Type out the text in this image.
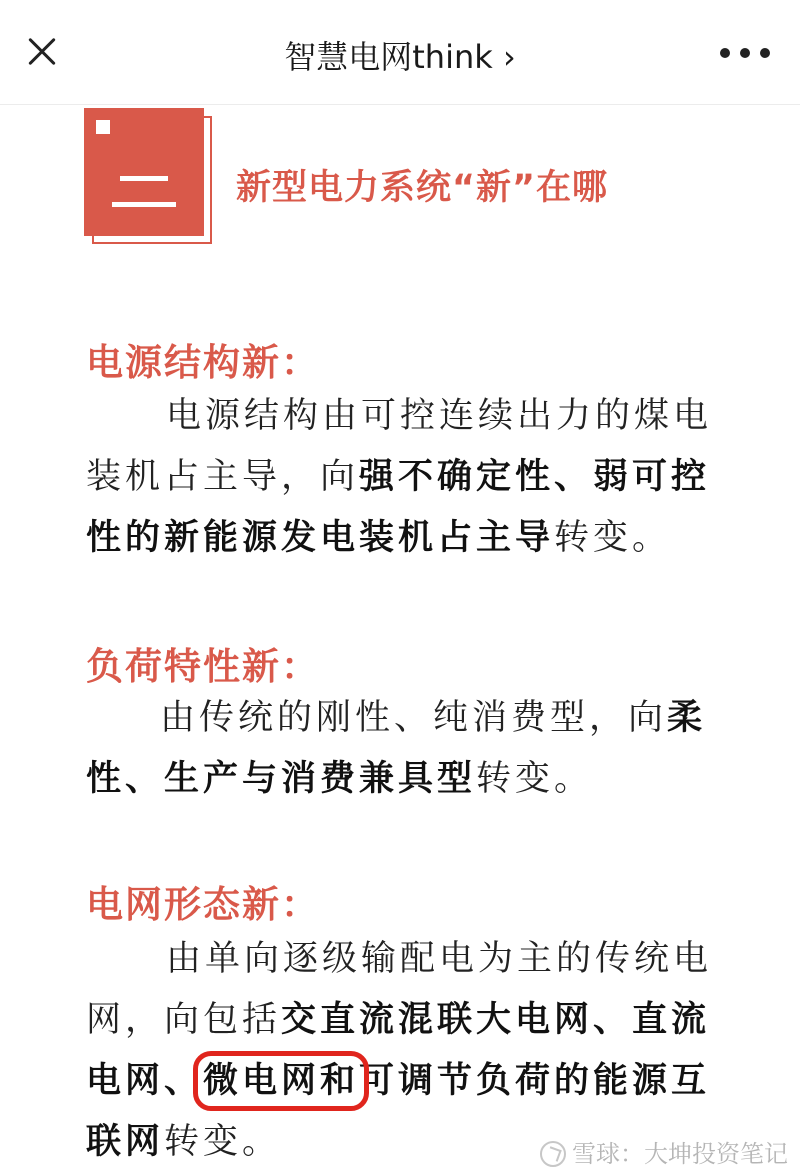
智慧电网think ›
新型电力系统“新”在哪
电源结构新：

电源结构由可控连续出力的煤电装机占主导，向强不确定性、弱可控性的新能源发电装机占主导转变。

负荷特性新：

由传统的刚性、纯消费型，向柔性、生产与消费兼具型转变。

电网形态新：

由单向逐级输配电为主的传统电网，向包括交直流混联大电网、直流电网、微电网和可调节负荷的能源互联网转变。	雪球：大坤投资笔记
